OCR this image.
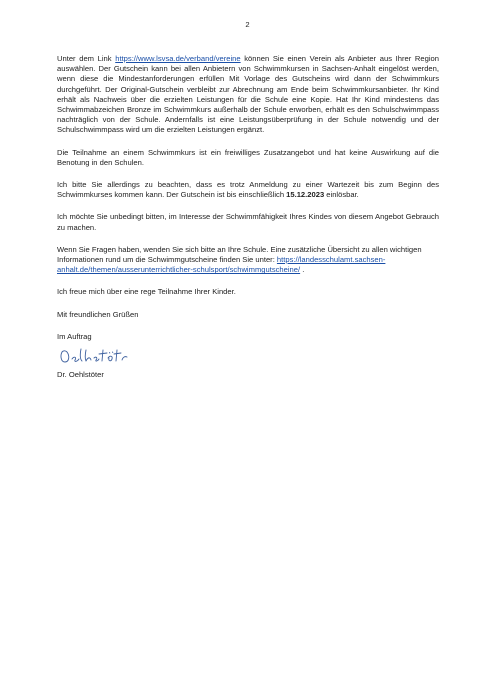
2

Unter dem Link https://www.lsvsa.de/verband/vereine können Sie einen Verein als Anbieter aus Ihrer Region auswählen. Der Gutschein kann bei allen Anbietern von Schwimmkursen in Sachsen-Anhalt eingelöst werden, wenn diese die Mindestanforderungen erfüllen Mit Vorlage des Gutscheins wird dann der Schwimmkurs durchgeführt. Der Original-Gutschein verbleibt zur Abrechnung am Ende beim Schwimmkursanbieter. Ihr Kind erhält als Nachweis über die erzielten Leistungen für die Schule eine Kopie. Hat Ihr Kind mindestens das Schwimmabzeichen Bronze im Schwimmkurs außerhalb der Schule erworben, erhält es den Schulschwimmpass nachträglich von der Schule. Andernfalls ist eine Leistungsüberprüfung in der Schule notwendig und der Schulschwimmpass wird um die erzielten Leistungen ergänzt.

Die Teilnahme an einem Schwimmkurs ist ein freiwilliges Zusatzangebot und hat keine Auswirkung auf die Benotung in den Schulen.

Ich bitte Sie allerdings zu beachten, dass es trotz Anmeldung zu einer Wartezeit bis zum Beginn des Schwimmkurses kommen kann. Der Gutschein ist bis einschließlich 15.12.2023 einlösbar.

Ich möchte Sie unbedingt bitten, im Interesse der Schwimmfähigkeit Ihres Kindes von diesem Angebot Gebrauch zu machen.

Wenn Sie Fragen haben, wenden Sie sich bitte an Ihre Schule. Eine zusätzliche Übersicht zu allen wichtigen Informationen rund um die Schwimmgutscheine finden Sie unter: https://landesschulamt.sachsen-anhalt.de/themen/ausserunterrichtlicher-schulsport/schwimmgutscheine/ .

Ich freue mich über eine rege Teilnahme Ihrer Kinder.

Mit freundlichen Grüßen

Im Auftrag

Oehlstötr

Dr. Oehlstöter
